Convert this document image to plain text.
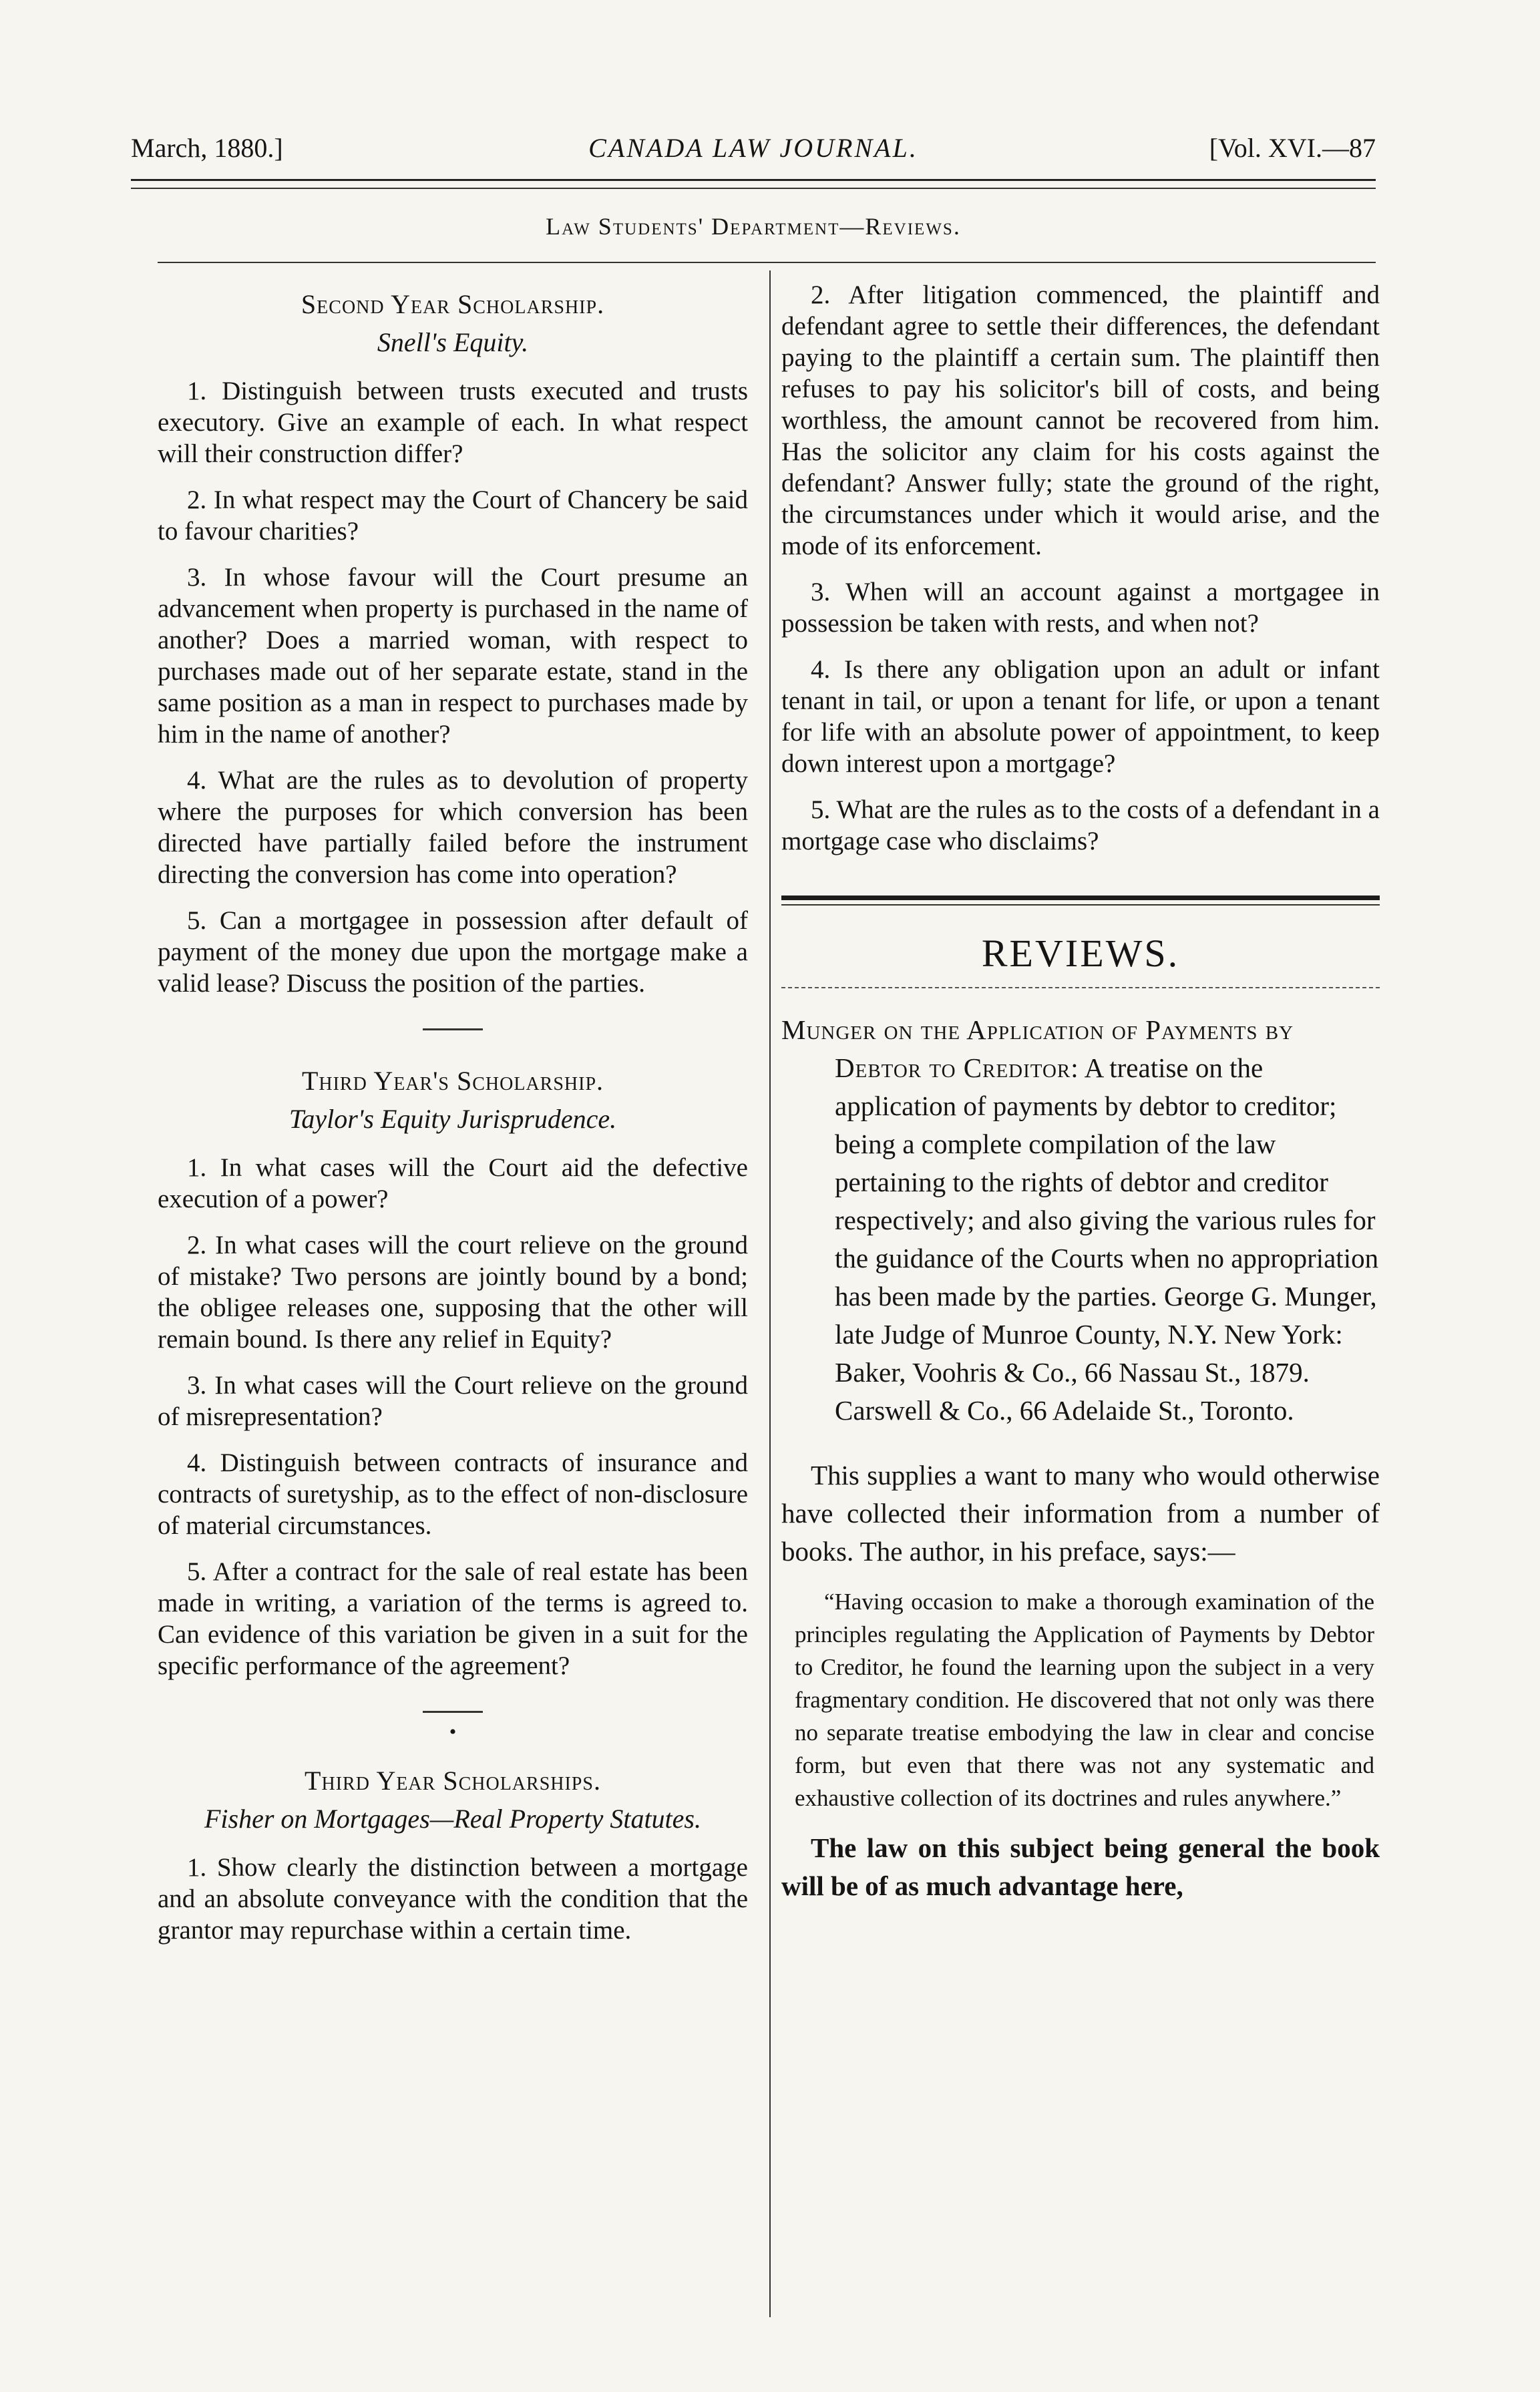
March, 1880.]	CANADA LAW JOURNAL.	[Vol. XVI.—87
Law Students' Department—Reviews.
Second Year Scholarship.
Snell's Equity.

1. Distinguish between trusts executed and trusts executory. Give an example of each. In what respect will their construction differ?

2. In what respect may the Court of Chancery be said to favour charities?

3. In whose favour will the Court presume an advancement when property is purchased in the name of another? Does a married woman, with respect to purchases made out of her separate estate, stand in the same position as a man in respect to purchases made by him in the name of another?

4. What are the rules as to devolution of property where the purposes for which conversion has been directed have partially failed before the instrument directing the conversion has come into operation?

5. Can a mortgagee in possession after default of payment of the money due upon the mortgage make a valid lease? Discuss the position of the parties.

Third Year's Scholarship.
Taylor's Equity Jurisprudence.

1. In what cases will the Court aid the defective execution of a power?

2. In what cases will the court relieve on the ground of mistake? Two persons are jointly bound by a bond; the obligee releases one, supposing that the other will remain bound. Is there any relief in Equity?

3. In what cases will the Court relieve on the ground of misrepresentation?

4. Distinguish between contracts of insurance and contracts of suretyship, as to the effect of non-disclosure of material circumstances.

5. After a contract for the sale of real estate has been made in writing, a variation of the terms is agreed to. Can evidence of this variation be given in a suit for the specific performance of the agreement?

•
Third Year Scholarships.
Fisher on Mortgages—Real Property Statutes.

1. Show clearly the distinction between a mortgage and an absolute conveyance with the condition that the grantor may repurchase within a certain time.

2. After litigation commenced, the plaintiff and defendant agree to settle their differences, the defendant paying to the plaintiff a certain sum. The plaintiff then refuses to pay his solicitor's bill of costs, and being worthless, the amount cannot be recovered from him. Has the solicitor any claim for his costs against the defendant? Answer fully; state the ground of the right, the circumstances under which it would arise, and the mode of its enforcement.

3. When will an account against a mortgagee in possession be taken with rests, and when not?

4. Is there any obligation upon an adult or infant tenant in tail, or upon a tenant for life, or upon a tenant for life with an absolute power of appointment, to keep down interest upon a mortgage?

5. What are the rules as to the costs of a defendant in a mortgage case who disclaims?

REVIEWS.
Munger on the Application of Payments by Debtor to Creditor: A treatise on the application of payments by debtor to creditor; being a complete compilation of the law pertaining to the rights of debtor and creditor respectively; and also giving the various rules for the guidance of the Courts when no appropriation has been made by the parties. George G. Munger, late Judge of Munroe County, N.Y. New York: Baker, Voohris & Co., 66 Nassau St., 1879. Carswell & Co., 66 Adelaide St., Toronto.

This supplies a want to many who would otherwise have collected their information from a number of books. The author, in his preface, says:—

“Having occasion to make a thorough examination of the principles regulating the Application of Payments by Debtor to Creditor, he found the learning upon the subject in a very fragmentary condition. He discovered that not only was there no separate treatise embodying the law in clear and concise form, but even that there was not any systematic and exhaustive collection of its doctrines and rules anywhere.”

The law on this subject being general the book will be of as much advantage here,
